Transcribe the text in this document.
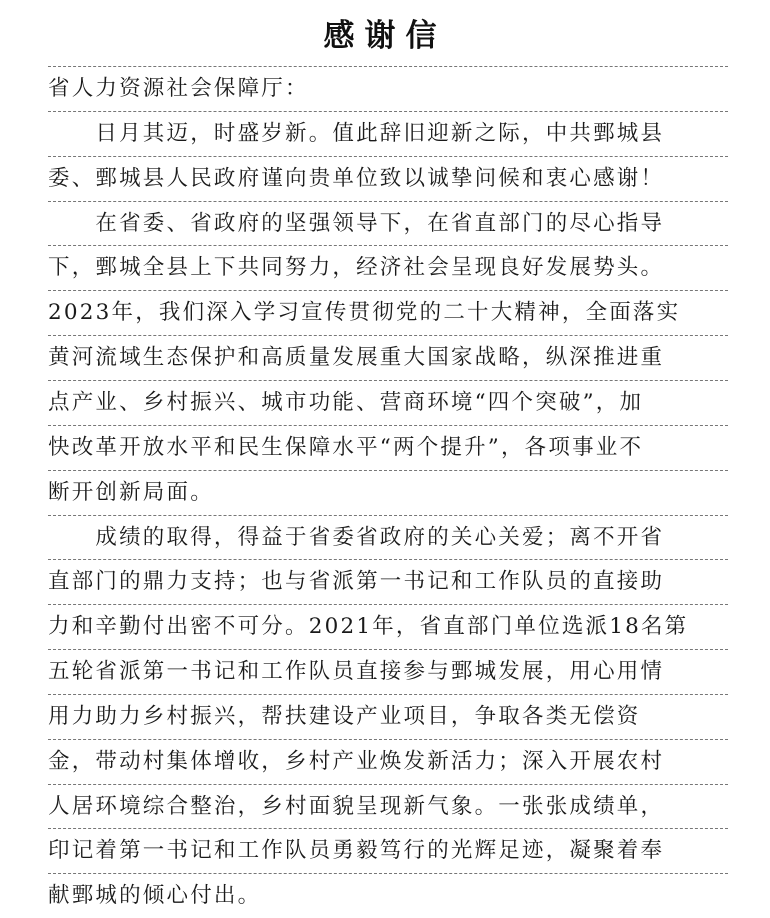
感谢信
省人力资源社会保障厅：
　　日月其迈，时盛岁新。值此辞旧迎新之际，中共鄄城县
委、鄄城县人民政府谨向贵单位致以诚挚问候和衷心感谢！
　　在省委、省政府的坚强领导下，在省直部门的尽心指导
下，鄄城全县上下共同努力，经济社会呈现良好发展势头。
2023年，我们深入学习宣传贯彻党的二十大精神，全面落实
黄河流域生态保护和高质量发展重大国家战略，纵深推进重
点产业、乡村振兴、城市功能、营商环境“四个突破”，加
快改革开放水平和民生保障水平“两个提升”，各项事业不
断开创新局面。
　　成绩的取得，得益于省委省政府的关心关爱；离不开省
直部门的鼎力支持；也与省派第一书记和工作队员的直接助
力和辛勤付出密不可分。2021年，省直部门单位选派18名第
五轮省派第一书记和工作队员直接参与鄄城发展，用心用情
用力助力乡村振兴，帮扶建设产业项目，争取各类无偿资
金，带动村集体增收，乡村产业焕发新活力；深入开展农村
人居环境综合整治，乡村面貌呈现新气象。一张张成绩单，
印记着第一书记和工作队员勇毅笃行的光辉足迹，凝聚着奉
献鄄城的倾心付出。
